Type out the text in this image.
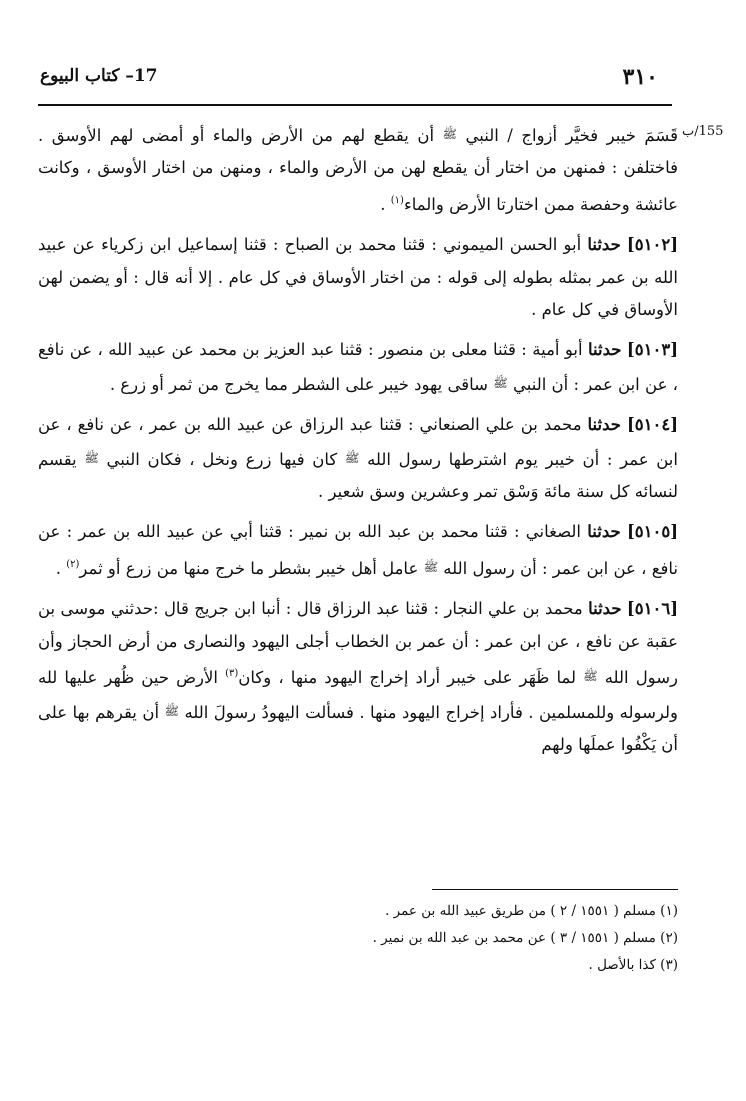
٣١٠
17– كتاب البيوع
155/ب

قَسَمَ خيبر فخيَّر أزواج / النبي ﷺ أن يقطع لهم من الأرض والماء أو أمضى لهم الأوسق . فاختلفن : فمنهن من اختار أن يقطع لهن من الأرض والماء ، ومنهن من اختار الأوسق ، وكانت عائشة وحفصة ممن اختارتا الأرض والماء$^{(١)}$ .

[٥١٠٢] حدثنا أبو الحسن الميموني : قثنا محمد بن الصباح : قثنا إسماعيل ابن زكرياء عن عبيد الله بن عمر بمثله بطوله إلى قوله : من اختار الأوساق في كل عام . إلا أنه قال : أو يضمن لهن الأوساق في كل عام .

[٥١٠٣] حدثنا أبو أمية : قثنا معلى بن منصور : قثنا عبد العزيز بن محمد عن عبيد الله ، عن نافع ، عن ابن عمر : أن النبي ﷺ ساقى يهود خيبر على الشطر مما يخرج من ثمر أو زرع .

[٥١٠٤] حدثنا محمد بن علي الصنعاني : قثنا عبد الرزاق عن عبيد الله بن عمر ، عن نافع ، عن ابن عمر : أن خيبر يوم اشترطها رسول الله ﷺ كان فيها زرع ونخل ، فكان النبي ﷺ يقسم لنسائه كل سنة مائة وَسْق تمر وعشرين وسق شعير .

[٥١٠٥] حدثنا الصغاني : قثنا محمد بن عبد الله بن نمير : قثنا أبي عن عبيد الله بن عمر : عن نافع ، عن ابن عمر : أن رسول الله ﷺ عامل أهل خيبر بشطر ما خرج منها من زرع أو ثمر$^{(٢)}$ .

[٥١٠٦] حدثنا محمد بن علي النجار : قثنا عبد الرزاق قال : أنبا ابن جريج قال :حدثني موسى بن عقبة عن نافع ، عن ابن عمر : أن عمر بن الخطاب أجلى اليهود والنصارى من أرض الحجاز وأن رسول الله ﷺ لما ظَهَر على خيبر أراد إخراج اليهود منها ، وكان$^{(٣)}$ الأرض حين ظُهر عليها لله ولرسوله وللمسلمين . فأراد إخراج اليهود منها . فسألت اليهودُ رسولَ الله ﷺ أن يقرهم بها على أن يَكْفُوا عملَها ولهم

(١) مسلم ( ١٥٥١ / ٢ ) من طريق عبيد الله بن عمر .
(٢) مسلم ( ١٥٥١ / ٣ ) عن محمد بن عبد الله بن نمير .
(٣) كذا بالأصل .
